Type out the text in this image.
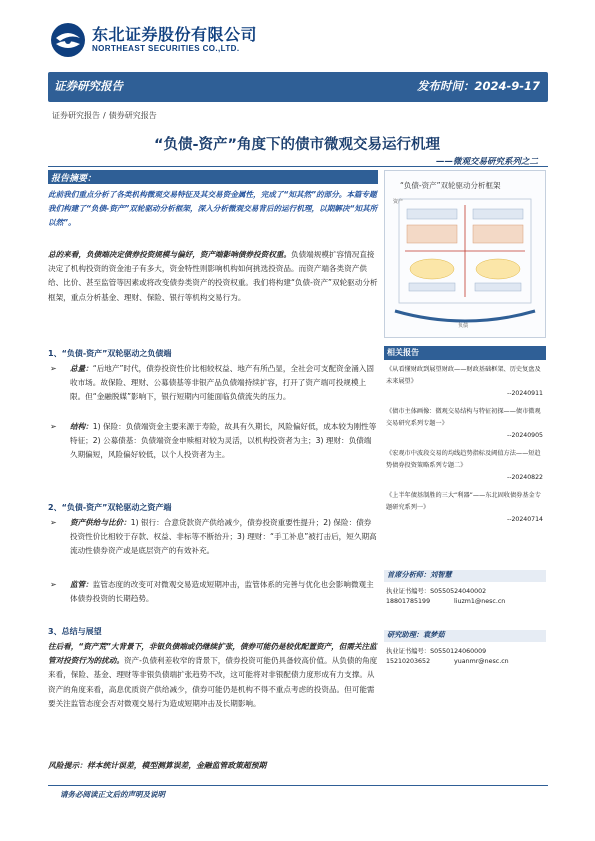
东北证券股份有限公司
NORTHEAST SECURITIES CO.,LTD.
证券研究报告	发布时间：2024-9-17
证券研究报告 / 债券研究报告
“负债-资产”角度下的债市微观交易运行机理
——微观交易研究系列之二
报告摘要：
此前我们重点分析了各类机构微观交易特征及其交易资金属性，完成了“知其然”的部分。本篇专题我们构建了“负债-资产”双轮驱动分析框架，深入分析微观交易背后的运行机理，以期解决“知其所以然”。
总的来看，负债端决定债券投资规模与偏好，资产端影响债券投资权重。负债端规模扩容情况直接决定了机构投资的资金池子有多大，资金特性则影响机构如何挑选投资品。而资产端各类资产供给、比价、甚至监管等因素或将改变债券类资产的投资权重。我们将构建“负债-资产”双轮驱动分析框架，重点分析基金、理财、保险、银行等机构交易行为。
1、“负债-资产”双轮驱动之负债端
➢ 总量：“后地产”时代，债券投资性价比相较权益、地产有所凸显，全社会可支配资金涌入固收市场。故保险、理财、公募债基等非银产品负债端持续扩容，打开了资产端可投规模上限。但“金融脱媒”影响下，银行短期内可能面临负债流失的压力。
➢ 结构：1) 保险：负债端资金主要来源于寿险，故具有久期长，风险偏好低，成本较为刚性等特征；2) 公募债基：负债端资金申赎相对较为灵活，以机构投资者为主；3) 理财：负债端久期偏短，风险偏好较低，以个人投资者为主。
2、“负债-资产”双轮驱动之资产端
➢ 资产供给与比价：1) 银行：合意贷款资产供给减少，债券投资重要性提升；2) 保险：债券投资性价比相较于存款、权益、非标等不断抬升；3) 理财：“手工补息”被打击后，短久期高流动性债券资产或是底层资产的有效补充。
➢ 监管：监管态度的改变可对微观交易造成短期冲击，监管体系的完善与优化也会影响微观主体债券投资的长期趋势。
3、总结与展望
往后看，“资产荒”大背景下，非银负债端或仍继续扩张，债券可能仍是较优配置资产，但需关注监管对投资行为的扰动。资产-负债利差收窄的背景下，债券投资可能仍具备较高价值。从负债的角度来看，保险、基金、理财等非银负债端扩张趋势不改，这可能将对非银配债力度形成有力支撑。从资产的角度来看，高息优质资产供给减少，债券可能仍是机构不得不重点考虑的投资品。但可能需要关注监管态度会否对微观交易行为造成短期冲击及长期影响。
风险提示：样本统计误差，模型测算误差，金融监管政策超预期
请务必阅读正文后的声明及说明
“负债-资产”双轮驱动分析框架
资产
负债
相关报告
《从看懂财政到展望财政——财政基础框架、历史复盘及未来展望》
--20240911
《债市主体画像：微观交易结构与特征初探——债市微观交易研究系列专题一》
--20240905
《宏观市中波段交易的均线趋势指标及阈值方法——短趋势债券投资策略系列专题二》
--20240822
《上半年债基制胜的三大“利器”——东北固收债券基金专题研究系列一》
--20240714
首席分析师：刘智慧
执业证书编号：S0550524040002
18801785199	liuzm1@nesc.cn
研究助理：袁梦茹
执业证书编号：S0550124060009
15210203652	yuanmr@nesc.cn
